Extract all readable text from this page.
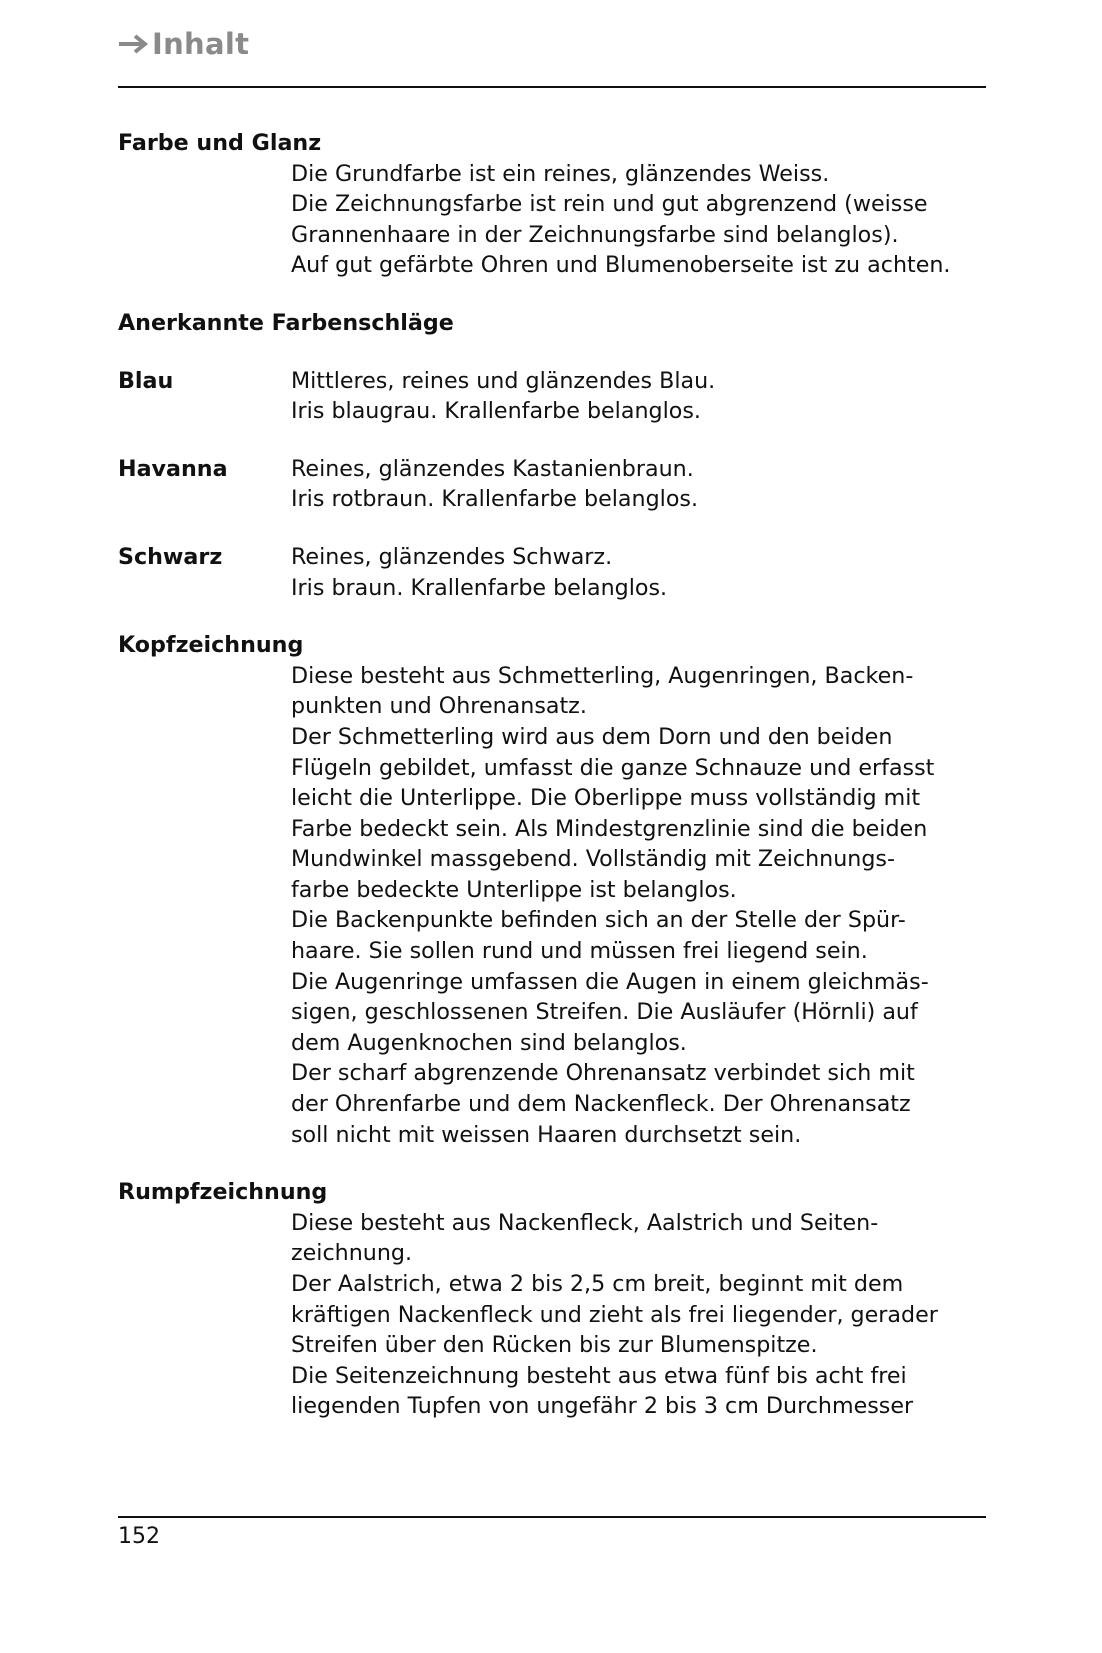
Inhalt
Farbe und Glanz
Die Grundfarbe ist ein reines, glänzendes Weiss.
Die Zeichnungsfarbe ist rein und gut abgrenzend (weisse
Grannenhaare in der Zeichnungsfarbe sind belanglos).
Auf gut gefärbte Ohren und Blumenoberseite ist zu achten.
Anerkannte Farbenschläge
Blau	Mittleres, reines und glänzendes Blau.
Iris blaugrau. Krallenfarbe belanglos.
Havanna	Reines, glänzendes Kastanienbraun.
Iris rotbraun. Krallenfarbe belanglos.
Schwarz	Reines, glänzendes Schwarz.
Iris braun. Krallenfarbe belanglos.
Kopfzeichnung
Diese besteht aus Schmetterling, Augenringen, Backen-
punkten und Ohrenansatz.
Der Schmetterling wird aus dem Dorn und den beiden
Flügeln gebildet, umfasst die ganze Schnauze und erfasst
leicht die Unterlippe. Die Oberlippe muss vollständig mit
Farbe bedeckt sein. Als Mindestgrenzlinie sind die beiden
Mundwinkel massgebend. Vollständig mit Zeichnungs-
farbe bedeckte Unterlippe ist belanglos.
Die Backenpunkte befinden sich an der Stelle der Spür-
haare. Sie sollen rund und müssen frei liegend sein.
Die Augenringe umfassen die Augen in einem gleichmäs-
sigen, geschlossenen Streifen. Die Ausläufer (Hörnli) auf
dem Augenknochen sind belanglos.
Der scharf abgrenzende Ohrenansatz verbindet sich mit
der Ohrenfarbe und dem Nackenfleck. Der Ohrenansatz
soll nicht mit weissen Haaren durchsetzt sein.
Rumpfzeichnung
Diese besteht aus Nackenfleck, Aalstrich und Seiten-
zeichnung.
Der Aalstrich, etwa 2 bis 2,5 cm breit, beginnt mit dem
kräftigen Nackenfleck und zieht als frei liegender, gerader
Streifen über den Rücken bis zur Blumenspitze.
Die Seitenzeichnung besteht aus etwa fünf bis acht frei
liegenden Tupfen von ungefähr 2 bis 3 cm Durchmesser
152
